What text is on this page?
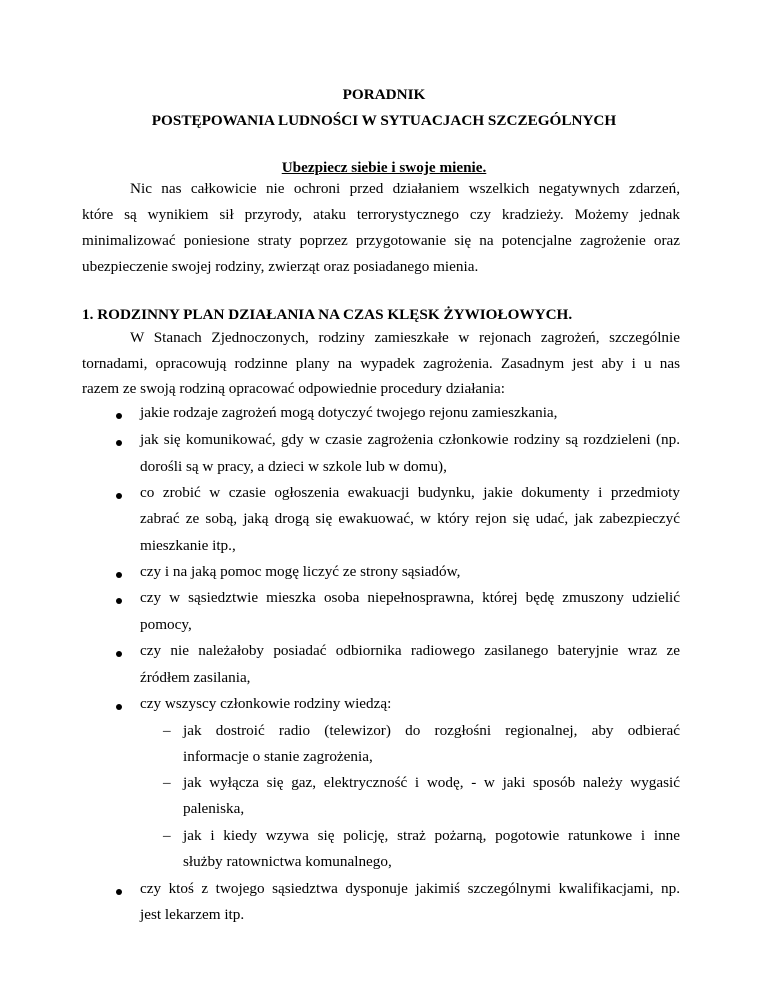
PORADNIK
POSTĘPOWANIA LUDNOŚCI W SYTUACJACH SZCZEGÓLNYCH
Ubezpiecz siebie i swoje mienie.
Nic nas całkowicie nie ochroni przed działaniem wszelkich negatywnych zdarzeń,
które są wynikiem sił przyrody, ataku terrorystycznego czy kradzieży. Możemy jednak
minimalizować poniesione straty poprzez przygotowanie się na potencjalne zagrożenie oraz
ubezpieczenie swojej rodziny, zwierząt oraz posiadanego mienia.
1. RODZINNY PLAN DZIAŁANIA NA CZAS KLĘSK ŻYWIOŁOWYCH.
W Stanach Zjednoczonych, rodziny zamieszkałe w rejonach zagrożeń, szczególnie
tornadami, opracowują rodzinne plany na wypadek zagrożenia. Zasadnym jest aby i u nas
razem ze swoją rodziną opracować odpowiednie procedury działania:
jakie rodzaje zagrożeń mogą dotyczyć twojego rejonu zamieszkania,
jak się komunikować, gdy w czasie zagrożenia członkowie rodziny są rozdzieleni (np.
dorośli są w pracy, a dzieci w szkole lub w domu),
co zrobić w czasie ogłoszenia ewakuacji budynku, jakie dokumenty i przedmioty
zabrać ze sobą, jaką drogą się ewakuować, w który rejon się udać, jak zabezpieczyć
mieszkanie itp.,
czy i na jaką pomoc mogę liczyć ze strony sąsiadów,
czy w sąsiedztwie mieszka osoba niepełnosprawna, której będę zmuszony udzielić
pomocy,
czy nie należałoby posiadać odbiornika radiowego zasilanego bateryjnie wraz ze
źródłem zasilania,
czy wszyscy członkowie rodziny wiedzą:
– jak dostroić radio (telewizor) do rozgłośni regionalnej, aby odbierać
informacje o stanie zagrożenia,
– jak wyłącza się gaz, elektryczność i wodę, - w jaki sposób należy wygasić
paleniska,
– jak i kiedy wzywa się policję, straż pożarną, pogotowie ratunkowe i inne
służby ratownictwa komunalnego,
czy ktoś z twojego sąsiedztwa dysponuje jakimiś szczególnymi kwalifikacjami, np.
jest lekarzem itp.
